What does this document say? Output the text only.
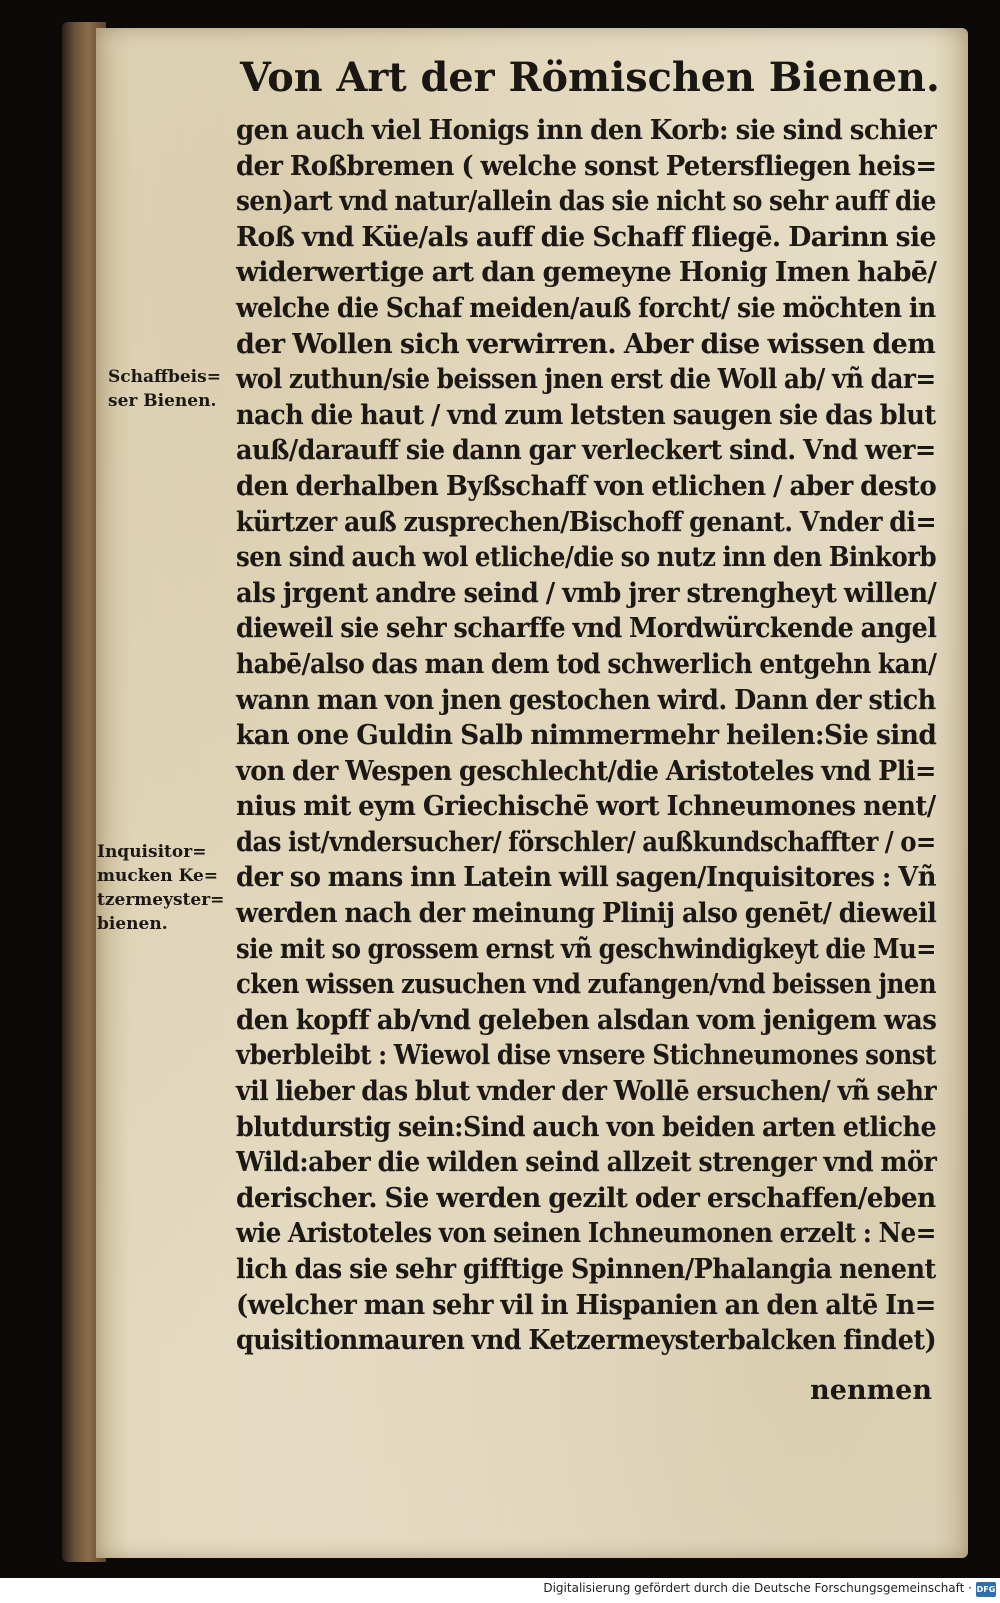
Von Art der Römischen Bienen.
Schaffbeis=
ser Bienen.
Inquisitor=
mucken Ke=
tzermeyster=
bienen.
gen auch viel Honigs inn den Korb: sie sind schier
der Roßbremen ( welche sonst Petersfliegen heis=
sen)art vnd natur/allein das sie nicht so sehr auff die
Roß vnd Küe/als auff die Schaff fliegē. Darinn sie
widerwertige art dan gemeyne Honig Imen habē/
welche die Schaf meiden/auß forcht/ sie möchten in
der Wollen sich verwirren. Aber dise wissen dem
wol zuthun/sie beissen jnen erst die Woll ab/ vñ dar=
nach die haut / vnd zum letsten saugen sie das blut
auß/darauff sie dann gar verleckert sind. Vnd wer=
den derhalben Byßschaff von etlichen / aber desto
kürtzer auß zusprechen/Bischoff genant. Vnder di=
sen sind auch wol etliche/die so nutz inn den Binkorb
als jrgent andre seind / vmb jrer strengheyt willen/
dieweil sie sehr scharffe vnd Mordwürckende angel
habē/also das man dem tod schwerlich entgehn kan/
wann man von jnen gestochen wird. Dann der stich
kan one Guldin Salb nimmermehr heilen:Sie sind
von der Wespen geschlecht/die Aristoteles vnd Pli=
nius mit eym Griechischē wort Ichneumones nent/
das ist/vndersucher/ förschler/ außkundschaffter / o=
der so mans inn Latein will sagen/Inquisitores : Vñ
werden nach der meinung Plinij also genēt/ dieweil
sie mit so grossem ernst vñ geschwindigkeyt die Mu=
cken wissen zusuchen vnd zufangen/vnd beissen jnen
den kopff ab/vnd geleben alsdan vom jenigem was
vberbleibt : Wiewol dise vnsere Stichneumones sonst
vil lieber das blut vnder der Wollē ersuchen/ vñ sehr
blutdurstig sein:Sind auch von beiden arten etliche
Wild:aber die wilden seind allzeit strenger vnd mör
derischer. Sie werden gezilt oder erschaffen/eben
wie Aristoteles von seinen Ichneumonen erzelt : Ne=
lich das sie sehr gifftige Spinnen/Phalangia nenent
(welcher man sehr vil in Hispanien an den altē In=
quisitionmauren vnd Ketzermeysterbalcken findet)
nenmen
Digitalisierung gefördert durch die Deutsche Forschungsgemeinschaft · DFG
